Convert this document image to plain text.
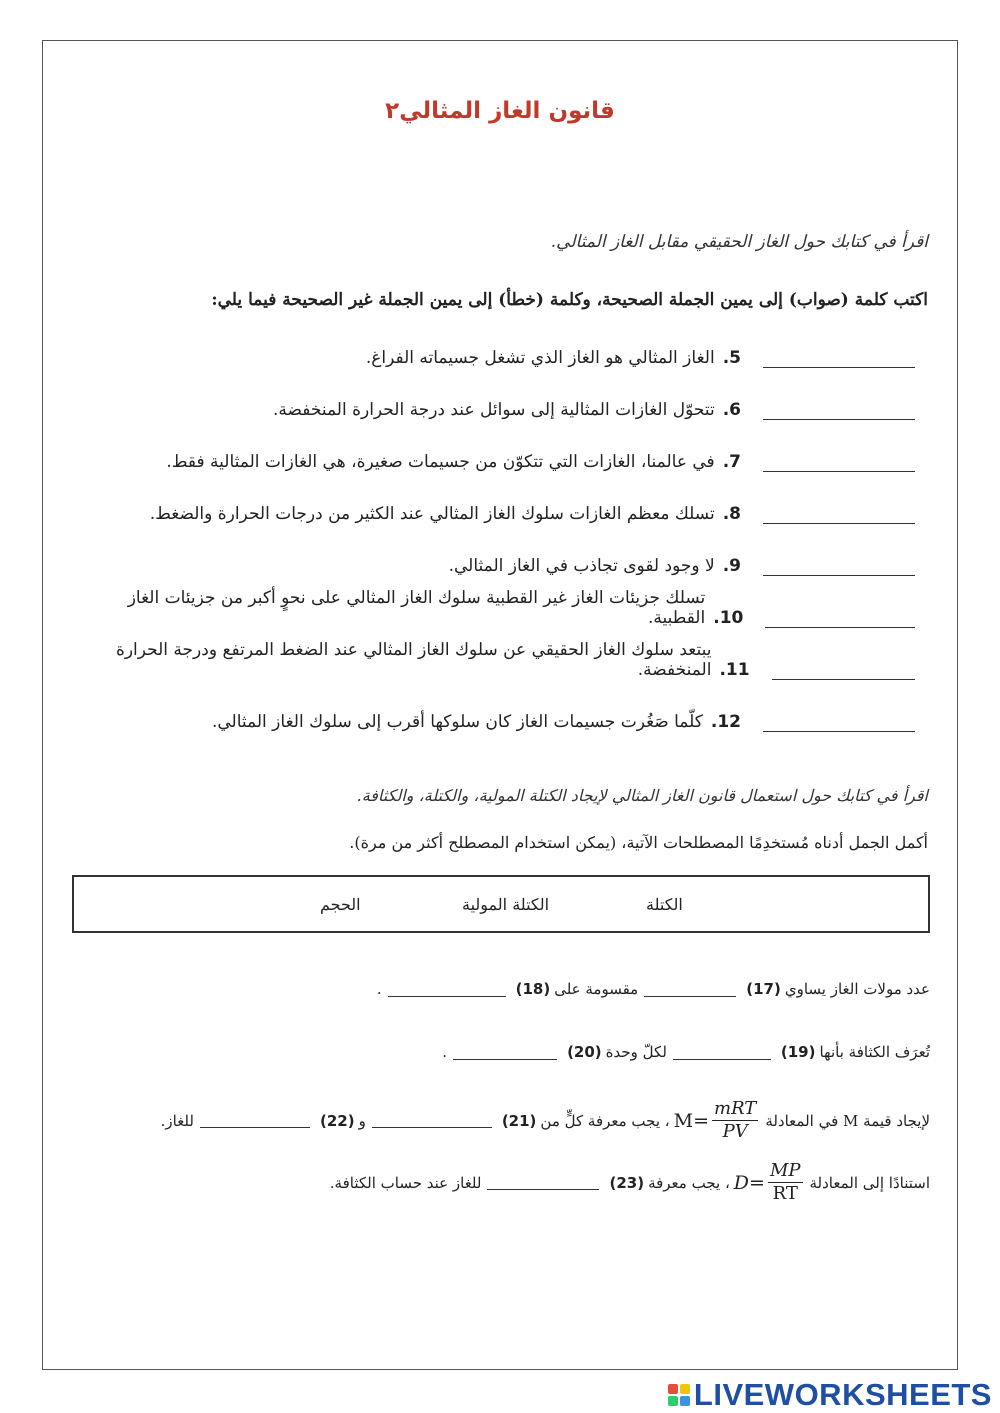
قانون الغاز المثالي٢
اقرأ في كتابك حول الغاز الحقيقي مقابل الغاز المثالي.
اكتب كلمة (صواب) إلى يمين الجملة الصحيحة، وكلمة (خطأ) إلى يمين الجملة غير الصحيحة فيما يلي:
5.
الغاز المثالي هو الغاز الذي تشغل جسيماته الفراغ.
6.
تتحوّل الغازات المثالية إلى سوائل عند درجة الحرارة المنخفضة.
7.
في عالمنا، الغازات التي تتكوّن من جسيمات صغيرة، هي الغازات المثالية فقط.
8.
تسلك معظم الغازات سلوك الغاز المثالي عند الكثير من درجات الحرارة والضغط.
9.
لا وجود لقوى تجاذب في الغاز المثالي.
10.
تسلك جزيئات الغاز غير القطبية سلوك الغاز المثالي على نحوٍ أكبر من جزيئات الغاز القطبية.
11.
يبتعد سلوك الغاز الحقيقي عن سلوك الغاز المثالي عند الضغط المرتفع ودرجة الحرارة المنخفضة.
12.
كلّما صَغُرت جسيمات الغاز كان سلوكها أقرب إلى سلوك الغاز المثالي.
اقرأ في كتابك حول استعمال قانون الغاز المثالي لإيجاد الكتلة المولية، والكتلة، والكثافة.
أكمل الجمل أدناه مُستخدِمًا المصطلحات الآتية، (يمكن استخدام المصطلح أكثر من مرة).
الكتلة
الكتلة المولية
الحجم
عدد مولات الغاز يساوي
(17)
مقسومة على
(18)
.
تُعرَف الكثافة بأنها
(19)
لكلّ وحدة
(20)
.
لإيجاد قيمة M في المعادلة
$M= \frac{\text{mRT}}{PV}$
، يجب معرفة كلٍّ من
(21)
و
(22)
للغاز.
استنادًا إلى المعادلة
$D= \frac{MP}{RT}$
، يجب معرفة
(23)
للغاز عند حساب الكثافة.
LIVEWORKSHEETS
